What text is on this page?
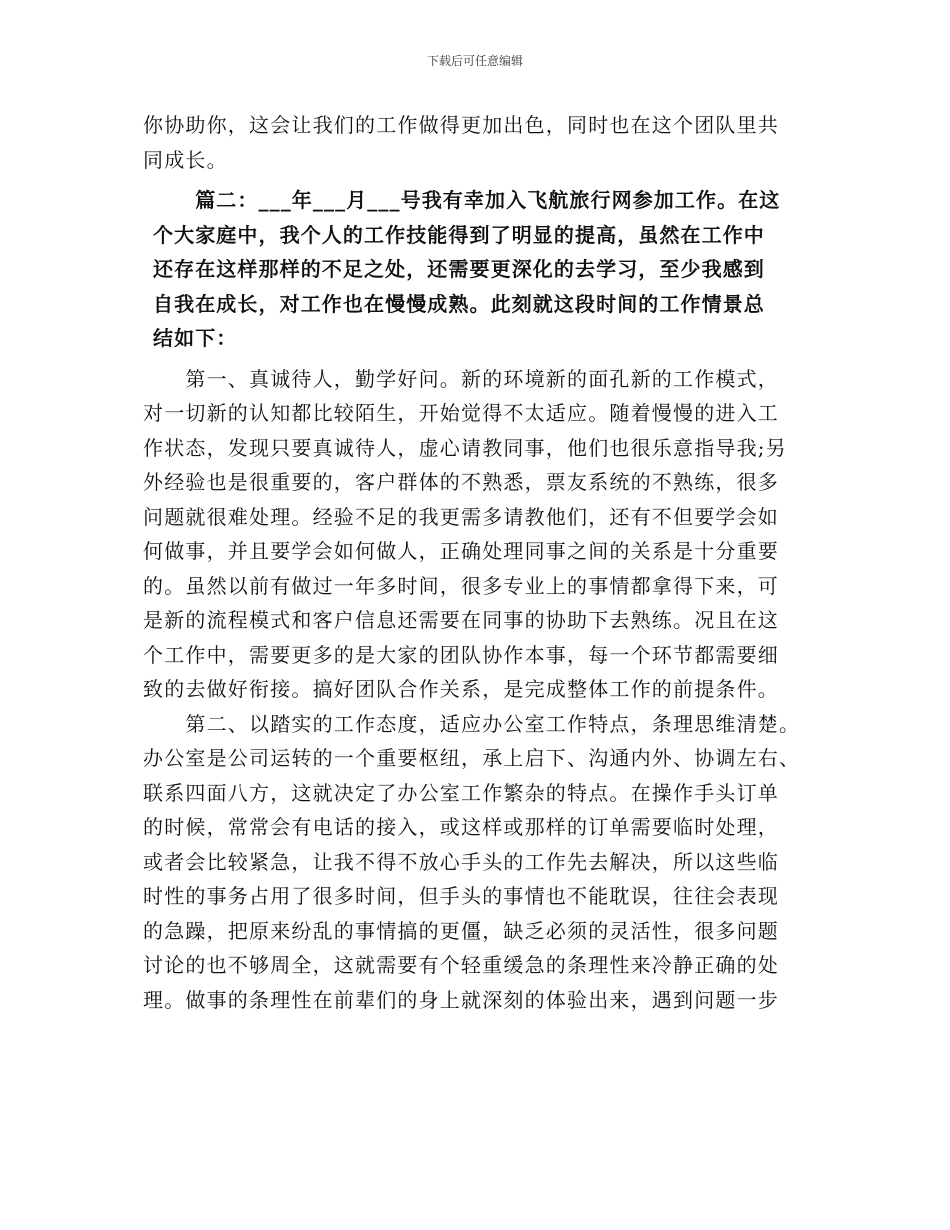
下载后可任意编辑
你协助你，这会让我们的工作做得更加出色，同时也在这个团队里共
同成长。
　　篇二：___年___月___号我有幸加入飞航旅行网参加工作。在这
个大家庭中，我个人的工作技能得到了明显的提高，虽然在工作中
还存在这样那样的不足之处，还需要更深化的去学习，至少我感到
自我在成长，对工作也在慢慢成熟。此刻就这段时间的工作情景总
结如下：
　　第一、真诚待人，勤学好问。新的环境新的面孔新的工作模式，
对一切新的认知都比较陌生，开始觉得不太适应。随着慢慢的进入工
作状态，发现只要真诚待人，虚心请教同事，他们也很乐意指导我;另
外经验也是很重要的，客户群体的不熟悉，票友系统的不熟练，很多
问题就很难处理。经验不足的我更需多请教他们，还有不但要学会如
何做事，并且要学会如何做人，正确处理同事之间的关系是十分重要
的。虽然以前有做过一年多时间，很多专业上的事情都拿得下来，可
是新的流程模式和客户信息还需要在同事的协助下去熟练。况且在这
个工作中，需要更多的是大家的团队协作本事，每一个环节都需要细
致的去做好衔接。搞好团队合作关系，是完成整体工作的前提条件。
　　第二、以踏实的工作态度，适应办公室工作特点，条理思维清楚。
办公室是公司运转的一个重要枢纽，承上启下、沟通内外、协调左右、
联系四面八方，这就决定了办公室工作繁杂的特点。在操作手头订单
的时候，常常会有电话的接入，或这样或那样的订单需要临时处理，
或者会比较紧急，让我不得不放心手头的工作先去解决，所以这些临
时性的事务占用了很多时间，但手头的事情也不能耽误，往往会表现
的急躁，把原来纷乱的事情搞的更僵，缺乏必须的灵活性，很多问题
讨论的也不够周全，这就需要有个轻重缓急的条理性来冷静正确的处
理。做事的条理性在前辈们的身上就深刻的体验出来，遇到问题一步
